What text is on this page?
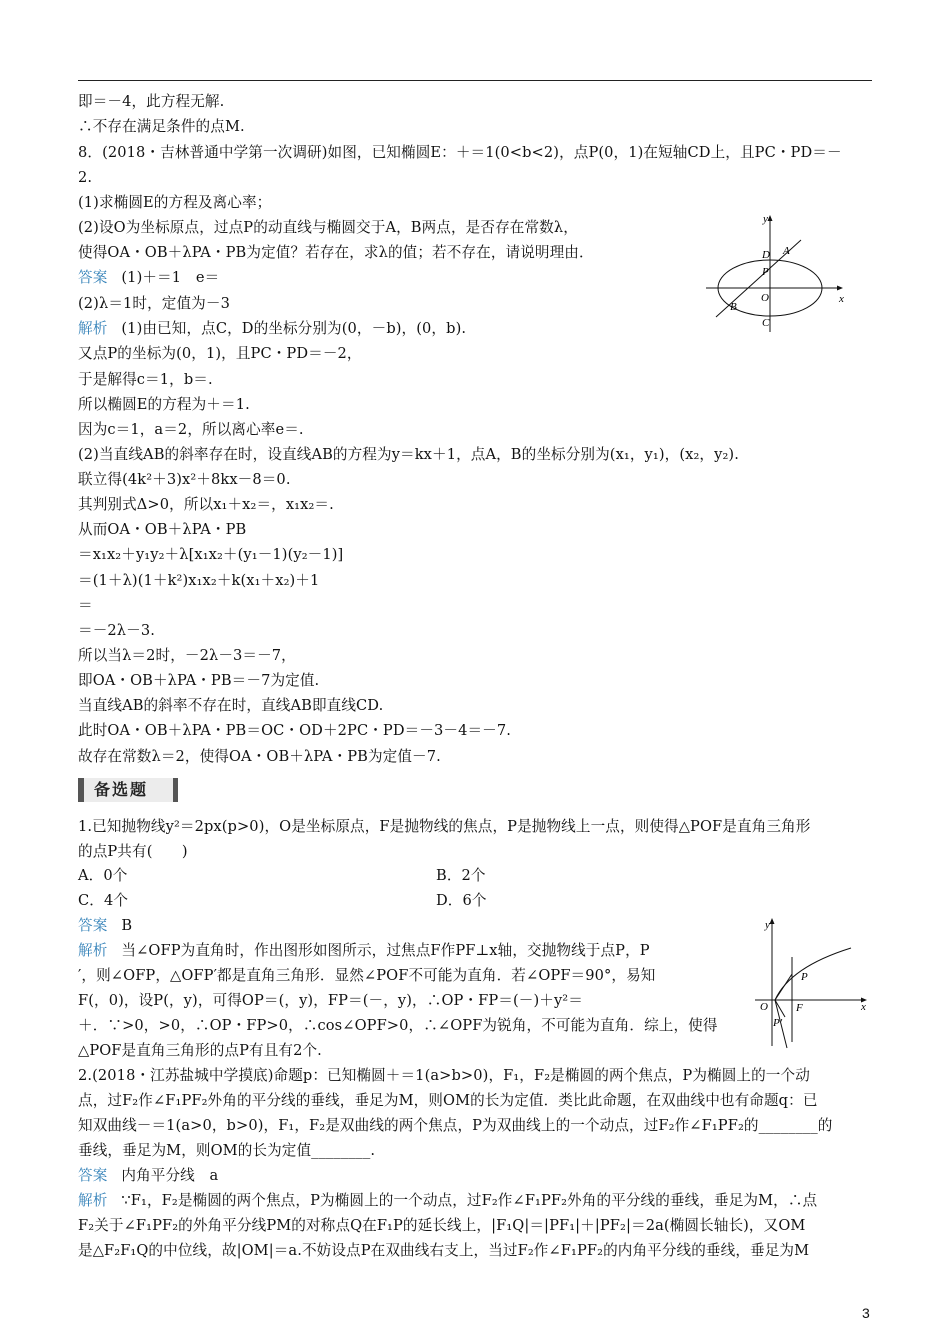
即＝－4，此方程无解.
∴不存在满足条件的点M.
8．(2018・吉林普通中学第一次调研)如图，已知椭圆E：＋＝1(0<b<2)，点P(0，1)在短轴CD上，且PC・PD＝－
2.
(1)求椭圆E的方程及离心率；
(2)设O为坐标原点，过点P的动直线与椭圆交于A，B两点，是否存在常数λ，
使得OA・OB＋λPA・PB为定值？若存在，求λ的值；若不存在，请说明理由．
答案 (1)＋＝1　e＝
(2)λ＝1时，定值为－3
解析 (1)由已知，点C，D的坐标分别为(0，－b)，(0，b).
又点P的坐标为(0，1)，且PC・PD＝－2，
于是解得c＝1，b＝.
所以椭圆E的方程为＋＝1.
因为c＝1，a＝2，所以离心率e＝.
(2)当直线AB的斜率存在时，设直线AB的方程为y＝kx＋1，点A，B的坐标分别为(x₁，y₁)，(x₂，y₂).
联立得(4k²＋3)x²＋8kx－8＝0.
其判别式Δ>0，所以x₁＋x₂＝，x₁x₂＝.
从而OA・OB＋λPA・PB
＝x₁x₂＋y₁y₂＋λ[x₁x₂＋(y₁－1)(y₂－1)]
＝(1＋λ)(1＋k²)x₁x₂＋k(x₁＋x₂)＋1
＝
＝－2λ－3.
所以当λ＝2时，－2λ－3＝－7，
即OA・OB＋λPA・PB＝－7为定值.
当直线AB的斜率不存在时，直线AB即直线CD.
此时OA・OB＋λPA・PB＝OC・OD＋2PC・PD＝－3－4＝－7.
故存在常数λ＝2，使得OA・OB＋λPA・PB为定值－7.
备选题
1.已知抛物线y²＝2px(p>0)，O是坐标原点，F是抛物线的焦点，P是抛物线上一点，则使得△POF是直角三角形
的点P共有(　　)
A．0个	B．2个
C．4个	D．6个
答案 B
解析 当∠OFP为直角时，作出图形如图所示，过焦点F作PF⊥x轴，交抛物线于点P，P
′，则∠OFP，△OFP′都是直角三角形．显然∠POF不可能为直角．若∠OPF＝90°，易知
F(，0)，设P(，y)，可得OP＝(，y)，FP＝(－，y)，∴OP・FP＝(－)＋y²＝
＋．∵>0，>0，∴OP・FP>0，∴cos∠OPF>0，∴∠OPF为锐角，不可能为直角．综上，使得
△POF是直角三角形的点P有且有2个.
2.(2018・江苏盐城中学摸底)命题p：已知椭圆＋＝1(a>b>0)，F₁，F₂是椭圆的两个焦点，P为椭圆上的一个动
点，过F₂作∠F₁PF₂外角的平分线的垂线，垂足为M，则OM的长为定值．类比此命题，在双曲线中也有命题q：已
知双曲线－＝1(a>0，b>0)，F₁，F₂是双曲线的两个焦点，P为双曲线上的一个动点，过F₂作∠F₁PF₂的________的
垂线，垂足为M，则OM的长为定值________.
答案 内角平分线　a
解析 ∵F₁，F₂是椭圆的两个焦点，P为椭圆上的一个动点，过F₂作∠F₁PF₂外角的平分线的垂线，垂足为M，∴点
F₂关于∠F₁PF₂的外角平分线PM的对称点Q在F₁P的延长线上，|F₁Q|＝|PF₁|＋|PF₂|＝2a(椭圆长轴长)，又OM
是△F₂F₁Q的中位线，故|OM|＝a.不妨设点P在双曲线右支上，当过F₂作∠F₁PF₂的内角平分线的垂线，垂足为M
y
x
D A
P
O
B
C
y
x
O	F
P
P′
3
